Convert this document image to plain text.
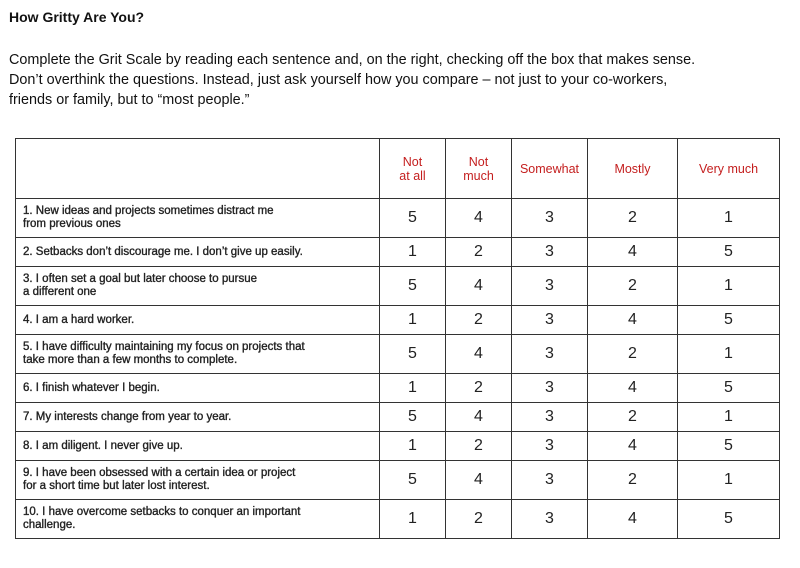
How Gritty Are You?
Complete the Grit Scale by reading each sentence and, on the right, checking off the box that makes sense.
Don’t overthink the questions. Instead, just ask yourself how you compare – not just to your co-workers,
friends or family, but to “most people.”
	Not
at all	Not
much	Somewhat	Mostly	Very much

1. New ideas and projects sometimes distract me
from previous ones	5	4	3	2	1

2. Setbacks don’t discourage me. I don’t give up easily.	1	2	3	4	5

3. I often set a goal but later choose to pursue
a different one	5	4	3	2	1

4. I am a hard worker.	1	2	3	4	5

5. I have difficulty maintaining my focus on projects that
take more than a few months to complete.	5	4	3	2	1

6. I finish whatever I begin.	1	2	3	4	5

7. My interests change from year to year.	5	4	3	2	1

8. I am diligent. I never give up.	1	2	3	4	5

9. I have been obsessed with a certain idea or project
for a short time but later lost interest.	5	4	3	2	1

10. I have overcome setbacks to conquer an important
challenge.	1	2	3	4	5
